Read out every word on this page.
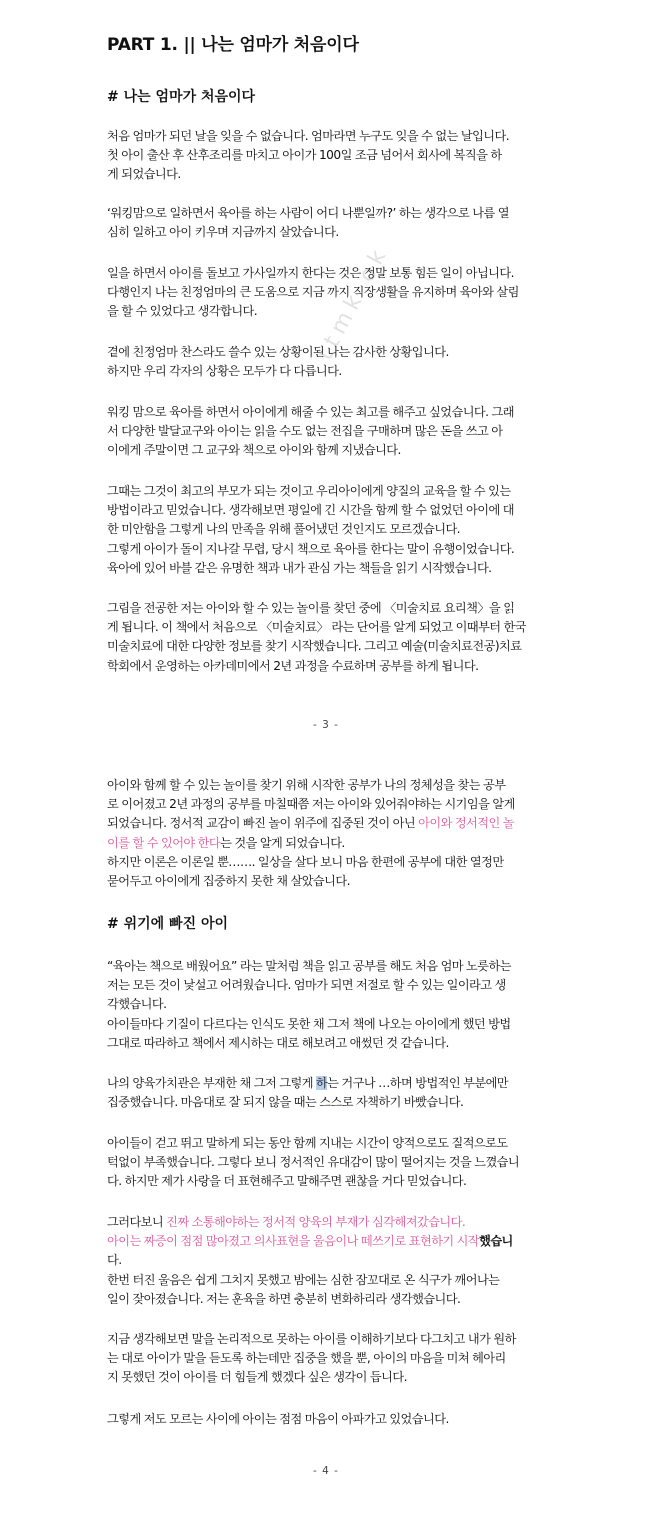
ttmk ok
PART 1. || 나는 엄마가 처음이다
# 나는 엄마가 처음이다

처음 엄마가 되던 날을 잊을 수 없습니다. 엄마라면 누구도 잊을 수 없는 날입니다.
첫 아이 출산 후 산후조리를 마치고 아이가 100일 조금 넘어서 회사에 복직을 하
게 되었습니다.

‘워킹맘으로 일하면서 육아를 하는 사람이 어디 나뿐일까?’ 하는 생각으로 나름 열
심히 일하고 아이 키우며 지금까지 살았습니다.

일을 하면서 아이를 돌보고 가사일까지 한다는 것은 정말 보통 힘든 일이 아닙니다.
다행인지 나는 친정엄마의 큰 도움으로 지금 까지 직장생활을 유지하며 육아와 살림
을 할 수 있었다고 생각합니다.

곁에 친정엄마 찬스라도 쓸수 있는 상황이된 나는 감사한 상황입니다.
하지만 우리 각자의 상황은 모두가 다 다릅니다.

워킹 맘으로 육아를 하면서 아이에게 해줄 수 있는 최고를 해주고 싶었습니다. 그래
서 다양한 발달교구와 아이는 읽을 수도 없는 전집을 구매하며 많은 돈을 쓰고 아
이에게 주말이면 그 교구와 책으로 아이와 함께 지냈습니다.

그때는 그것이 최고의 부모가 되는 것이고 우리아이에게 양질의 교육을 할 수 있는
방법이라고 믿었습니다. 생각해보면 평일에 긴 시간을 함께 할 수 없었던 아이에 대
한 미안함을 그렇게 나의 만족을 위해 풀어냈던 것인지도 모르겠습니다.
그렇게 아이가 돌이 지나갈 무렵, 당시 책으로 육아를 한다는 말이 유행이었습니다.
육아에 있어 바블 같은 유명한 책과 내가 관심 가는 책들을 읽기 시작했습니다.

그림을 전공한 저는 아이와 할 수 있는 놀이를 찾던 중에 〈미술치료 요리책〉을 읽
게 됩니다. 이 책에서 처음으로 〈미술치료〉 라는 단어를 알게 되었고 이때부터 한국
미술치료에 대한 다양한 정보를 찾기 시작했습니다. 그리고 예술(미술치료전공)치료
학회에서 운영하는 아카데미에서 2년 과정을 수료하며 공부를 하게 됩니다.

- 3 -

아이와 함께 할 수 있는 놀이를 찾기 위해 시작한 공부가 나의 정체성을 찾는 공부
로 이어졌고 2년 과정의 공부를 마칠때쯤 저는 아이와 있어줘야하는 시기임을 알게
되었습니다. 정서적 교감이 빠진 놀이 위주에 집중된 것이 아닌 아이와 정서적인 놀
이를 할 수 있어야 한다는 것을 알게 되었습니다.
하지만 이론은 이론일 뿐……. 일상을 살다 보니 마음 한편에 공부에 대한 열정만
묻어두고 아이에게 집중하지 못한 채 살았습니다.

# 위기에 빠진 아이

“육아는 책으로 배웠어요” 라는 말처럼 책을 읽고 공부를 해도 처음 엄마 노릇하는
저는 모든 것이 낯설고 어려웠습니다. 엄마가 되면 저절로 할 수 있는 일이라고 생
각했습니다.
아이들마다 기질이 다르다는 인식도 못한 채 그저 책에 나오는 아이에게 했던 방법
그대로 따라하고 책에서 제시하는 대로 해보려고 애썼던 것 같습니다.

나의 양육가치관은 부재한 채 그저 그렇게 하는 거구나 …하며 방법적인 부분에만
집중했습니다. 마음대로 잘 되지 않을 때는 스스로 자책하기 바빴습니다.

아이들이 걷고 뛰고 말하게 되는 동안 함께 지내는 시간이 양적으로도 질적으로도
턱없이 부족했습니다. 그렇다 보니 정서적인 유대감이 많이 떨어지는 것을 느꼈습니
다. 하지만 제가 사랑을 더 표현해주고 말해주면 괜찮을 거다 믿었습니다.

그러다보니 진짜 소통해야하는 정서적 양육의 부재가 심각해져갔습니다.
아이는 짜증이 점점 많아졌고 의사표현을 울음이나 떼쓰기로 표현하기 시작했습니
다.
한번 터진 울음은 쉽게 그치지 못했고 밤에는 심한 잠꼬대로 온 식구가 깨어나는
일이 잦아졌습니다. 저는 훈육을 하면 충분히 변화하리라 생각했습니다.

지금 생각해보면 말을 논리적으로 못하는 아이를 이해하기보다 다그치고 내가 원하
는 대로 아이가 말을 듣도록 하는데만 집중을 했을 뿐, 아이의 마음을 미쳐 헤아리
지 못했던 것이 아이를 더 힘들게 했겠다 싶은 생각이 듭니다.

그렇게 저도 모르는 사이에 아이는 점점 마음이 아파가고 있었습니다.

- 4 -
